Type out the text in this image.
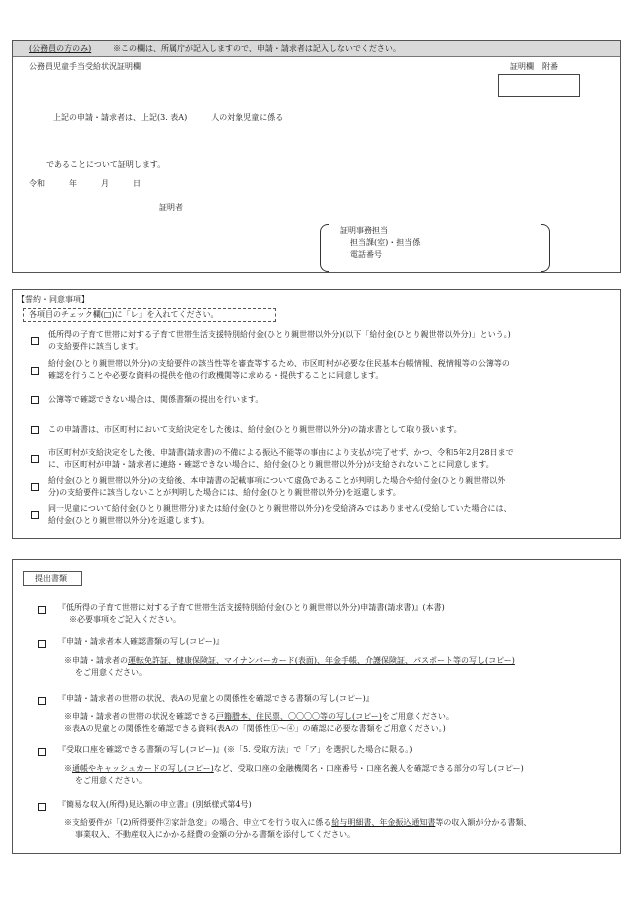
(公務員の方のみ)	※この欄は、所属庁が記入しますので、申請・請求者は記入しないでください。
公務員児童手当受給状況証明欄	証明欄　附番
上記の申請・請求者は、上記(3. 表A)　　　人の対象児童に係る
であることについて証明します。
令和　　　年　　　月　　　日
証明者
証明事務担当
担当課(室)・担当係
電話番号
【誓約・同意事項】
各項目のチェック欄(□)に「レ」を入れてください。
低所得の子育て世帯に対する子育て世帯生活支援特別給付金(ひとり親世帯以外分)(以下「給付金(ひとり親世帯以外分)」という。)
の支給要件に該当します。
給付金(ひとり親世帯以外分)の支給要件の該当性等を審査等するため、市区町村が必要な住民基本台帳情報、税情報等の公簿等の
確認を行うことや必要な資料の提供を他の行政機関等に求める・提供することに同意します。
公簿等で確認できない場合は、関係書類の提出を行います。
この申請書は、市区町村において支給決定をした後は、給付金(ひとり親世帯以外分)の請求書として取り扱います。
市区町村が支給決定をした後、申請書(請求書)の不備による振込不能等の事由により支払が完了せず、かつ、令和5年2月28日まで
に、市区町村が申請・請求者に連絡・確認できない場合に、給付金(ひとり親世帯以外分)が支給されないことに同意します。
給付金(ひとり親世帯以外分)の支給後、本申請書の記載事項について虚偽であることが判明した場合や給付金(ひとり親世帯以外
分)の支給要件に該当しないことが判明した場合には、給付金(ひとり親世帯以外分)を返還します。
同一児童について給付金(ひとり親世帯分)または給付金(ひとり親世帯以外分)を受給済みではありません(受給していた場合には、
給付金(ひとり親世帯以外分)を返還します)。
提出書類
『低所得の子育て世帯に対する子育て世帯生活支援特別給付金(ひとり親世帯以外分)申請書(請求書)』(本書)
※必要事項をご記入ください。
『申請・請求者本人確認書類の写し(コピー)』
※申請・請求者の運転免許証、健康保険証、マイナンバーカード(表面)、年金手帳、介護保険証、パスポート等の写し(コピー)
をご用意ください。
『申請・請求者の世帯の状況、表Aの児童との関係性を確認できる書類の写し(コピー)』
※申請・請求者の世帯の状況を確認できる戸籍謄本、住民票、〇〇〇〇等の写し(コピー)をご用意ください。
※表Aの児童との関係性を確認できる資料(表Aの「関係性①～④」の確認に必要な書類をご用意ください。)
『受取口座を確認できる書類の写し(コピー)』(※「5. 受取方法」で「ア」を選択した場合に限る。)
※通帳やキャッシュカードの写し(コピー)など、受取口座の金融機関名・口座番号・口座名義人を確認できる部分の写し(コピー)
をご用意ください。
『簡易な収入(所得)見込額の申立書』(別紙様式第4号)
※支給要件が「(2)所得要件②家計急変」の場合、申立てを行う収入に係る給与明細書、年金振込通知書等の収入額が分かる書類、
事業収入、不動産収入にかかる経費の金額の分かる書類を添付してください。
